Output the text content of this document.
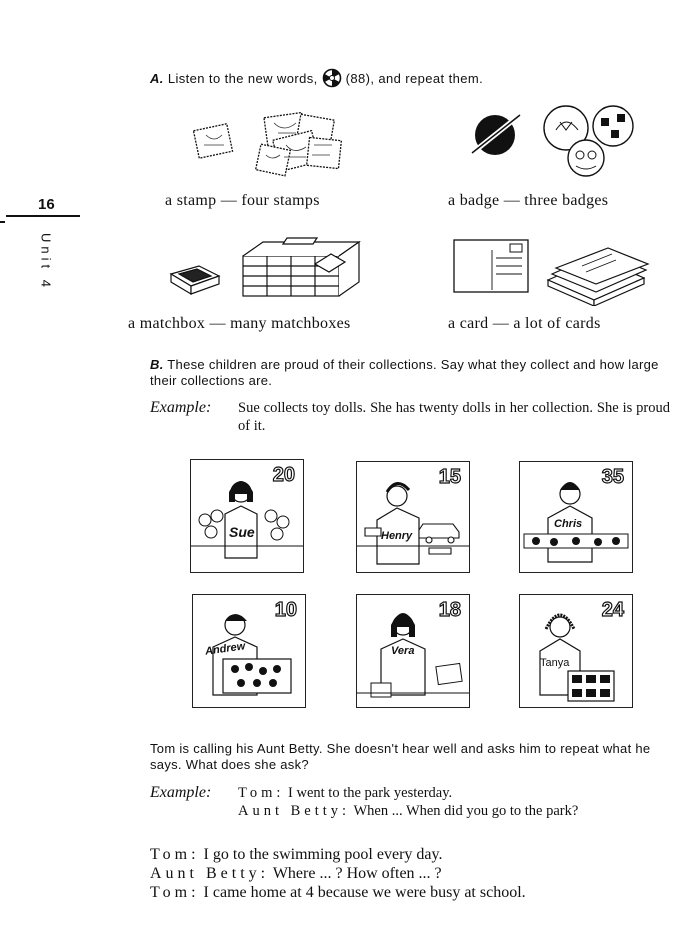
16
Unit 4
A. Listen to the new words, (88), and repeat them.
a stamp — four stamps	a badge — three badges
a matchbox — many matchboxes	a card — a lot of cards
B. These children are proud of their collections. Say what they collect and how large their collections are.
Example: Sue collects toy dolls. She has twenty dolls in her collection. She is proud of it.
20
Sue
15
Henry
35
Chris
10
Andrew
18
Vera
24
Tanya
Tom is calling his Aunt Betty. She doesn't hear well and asks him to repeat what he says. What does she ask?
Example: Tom: I went to the park yesterday.
Aunt Betty: When ... When did you go to the park?
Tom: I go to the swimming pool every day.
Aunt Betty: Where ... ? How often ... ?
Tom: I came home at 4 because we were busy at school.
